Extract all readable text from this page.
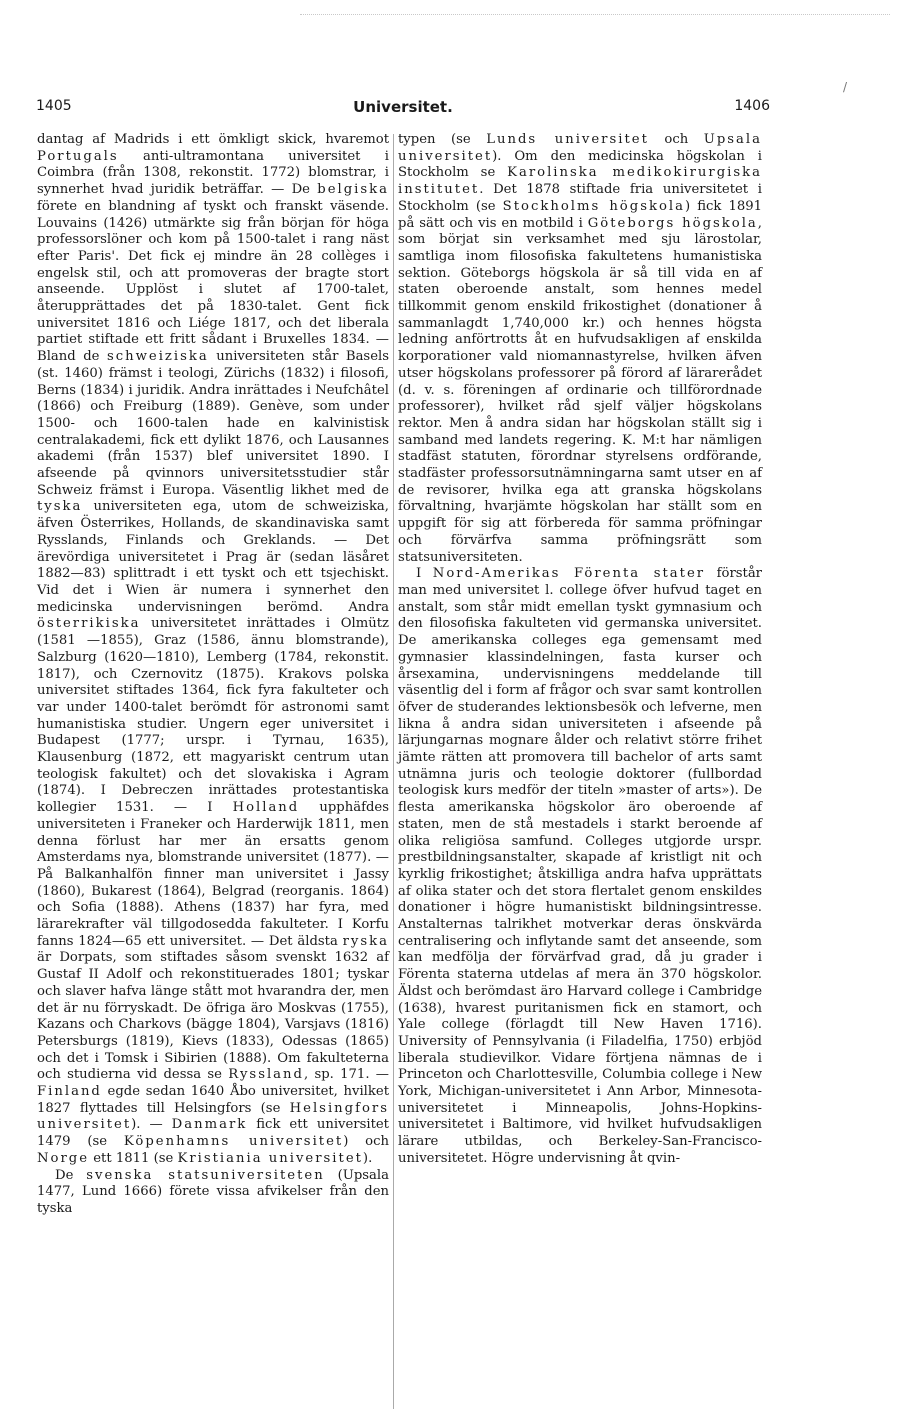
/
1405	Universitet.	1406

dantag af Madrids i ett ömkligt skick, hvaremot Portugals anti-ultramontana universitet i Coimbra (från 1308, rekonstit. 1772) blomstrar, i synnerhet hvad juridik beträffar. — De belgiska förete en blandning af tyskt och franskt väsende. Louvains (1426) utmärkte sig från början för höga professorslöner och kom på 1500-talet i rang näst efter Paris'. Det fick ej mindre än 28 collèges i engelsk stil, och att promoveras der bragte stort anseende. Upplöst i slutet af 1700-talet, återupprättades det på 1830-talet. Gent fick universitet 1816 och Liége 1817, och det liberala partiet stiftade ett fritt sådant i Bruxelles 1834. — Bland de schweiziska universiteten står Basels (st. 1460) främst i teologi, Zürichs (1832) i filosofi, Berns (1834) i juridik. Andra inrättades i Neufchâtel (1866) och Freiburg (1889). Genève, som under 1500- och 1600-talen hade en kalvinistisk centralakademi, fick ett dylikt 1876, och Lausannes akademi (från 1537) blef universitet 1890. I afseende på qvinnors universitetsstudier står Schweiz främst i Europa. Väsentlig likhet med de tyska universiteten ega, utom de schweiziska, äfven Österrikes, Hollands, de skandinaviska samt Rysslands, Finlands och Greklands. — Det ärevördiga universitetet i Prag är (sedan läsåret 1882—83) splittradt i ett tyskt och ett tsjechiskt. Vid det i Wien är numera i synnerhet den medicinska undervisningen berömd. Andra österrikiska universitetet inrättades i Olmütz (1581 —1855), Graz (1586, ännu blomstrande), Salzburg (1620—1810), Lemberg (1784, rekonstit. 1817), och Czernovitz (1875). Krakovs polska universitet stiftades 1364, fick fyra fakulteter och var under 1400-talet berömdt för astronomi samt humanistiska studier. Ungern eger universitet i Budapest (1777; urspr. i Tyrnau, 1635), Klausenburg (1872, ett magyariskt centrum utan teologisk fakultet) och det slovakiska i Agram (1874). I Debreczen inrättades protestantiska kollegier 1531. — I Holland upphäfdes universiteten i Franeker och Harderwijk 1811, men denna förlust har mer än ersatts genom Amsterdams nya, blomstrande universitet (1877). — På Balkanhalfön finner man universitet i Jassy (1860), Bukarest (1864), Belgrad (reorganis. 1864) och Sofia (1888). Athens (1837) har fyra, med lärarekrafter väl tillgodosedda fakulteter. I Korfu fanns 1824—65 ett universitet. — Det äldsta ryska är Dorpats, som stiftades såsom svenskt 1632 af Gustaf II Adolf och rekonstituerades 1801; tyskar och slaver hafva länge stått mot hvarandra der, men det är nu förryskadt. De öfriga äro Moskvas (1755), Kazans och Charkovs (bägge 1804), Varsjavs (1816) Petersburgs (1819), Kievs (1833), Odessas (1865) och det i Tomsk i Sibirien (1888). Om fakulteterna och studierna vid dessa se Ryssland, sp. 171. — Finland egde sedan 1640 Åbo universitet, hvilket 1827 flyttades till Helsingfors (se Helsingfors universitet). — Danmark fick ett universitet 1479 (se Köpenhamns universitet) och Norge ett 1811 (se Kristiania universitet).

De svenska statsuniversiteten (Upsala 1477, Lund 1666) förete vissa afvikelser från den tyska

typen (se Lunds universitet och Upsala universitet). Om den medicinska högskolan i Stockholm se Karolinska medikokirurgiska institutet. Det 1878 stiftade fria universitetet i Stockholm (se Stockholms högskola) fick 1891 på sätt och vis en motbild i Göteborgs högskola, som börjat sin verksamhet med sju lärostolar, samtliga inom filosofiska fakultetens humanistiska sektion. Göteborgs högskola är så till vida en af staten oberoende anstalt, som hennes medel tillkommit genom enskild frikostighet (donationer å sammanlagdt 1,740,000 kr.) och hennes högsta ledning anförtrotts åt en hufvudsakligen af enskilda korporationer vald niomannastyrelse, hvilken äfven utser högskolans professorer på förord af lärarerådet (d. v. s. föreningen af ordinarie och tillförordnade professorer), hvilket råd sjelf väljer högskolans rektor. Men å andra sidan har högskolan ställt sig i samband med landets regering. K. M:t har nämligen stadfäst statuten, förordnar styrelsens ordförande, stadfäster professorsutnämningarna samt utser en af de revisorer, hvilka ega att granska högskolans förvaltning, hvarjämte högskolan har ställt som en uppgift för sig att förbereda för samma pröfningar och förvärfva samma pröfningsrätt som statsuniversiteten.

I Nord-Amerikas Förenta stater förstår man med universitet l. college öfver hufvud taget en anstalt, som står midt emellan tyskt gymnasium och den filosofiska fakulteten vid germanska universitet. De amerikanska colleges ega gemensamt med gymnasier klassindelningen, fasta kurser och årsexamina, undervisningens meddelande till väsentlig del i form af frågor och svar samt kontrollen öfver de studerandes lektionsbesök och lefverne, men likna å andra sidan universiteten i afseende på lärjungarnas mognare ålder och relativt större frihet jämte rätten att promovera till bachelor of arts samt utnämna juris och teologie doktorer (fullbordad teologisk kurs medför der titeln »master of arts»). De flesta amerikanska högskolor äro oberoende af staten, men de stå mestadels i starkt beroende af olika religiösa samfund. Colleges utgjorde urspr. prestbildningsanstalter, skapade af kristligt nit och kyrklig frikostighet; åtskilliga andra hafva upprättats af olika stater och det stora flertalet genom enskildes donationer i högre humanistiskt bildningsintresse. Anstalternas talrikhet motverkar deras önskvärda centralisering och inflytande samt det anseende, som kan medfölja der förvärfvad grad, då ju grader i Förenta staterna utdelas af mera än 370 högskolor. Äldst och berömdast äro Harvard college i Cambridge (1638), hvarest puritanismen fick en stamort, och Yale college (förlagdt till New Haven 1716). University of Pennsylvania (i Filadelfia, 1750) erbjöd liberala studievilkor. Vidare förtjena nämnas de i Princeton och Charlottesville, Columbia college i New York, Michigan-universitetet i Ann Arbor, Minnesota-universitetet i Minneapolis, Johns-Hopkins-universitetet i Baltimore, vid hvilket hufvudsakligen lärare utbildas, och Berkeley-San-Francisco-universitetet. Högre undervisning åt qvin-
